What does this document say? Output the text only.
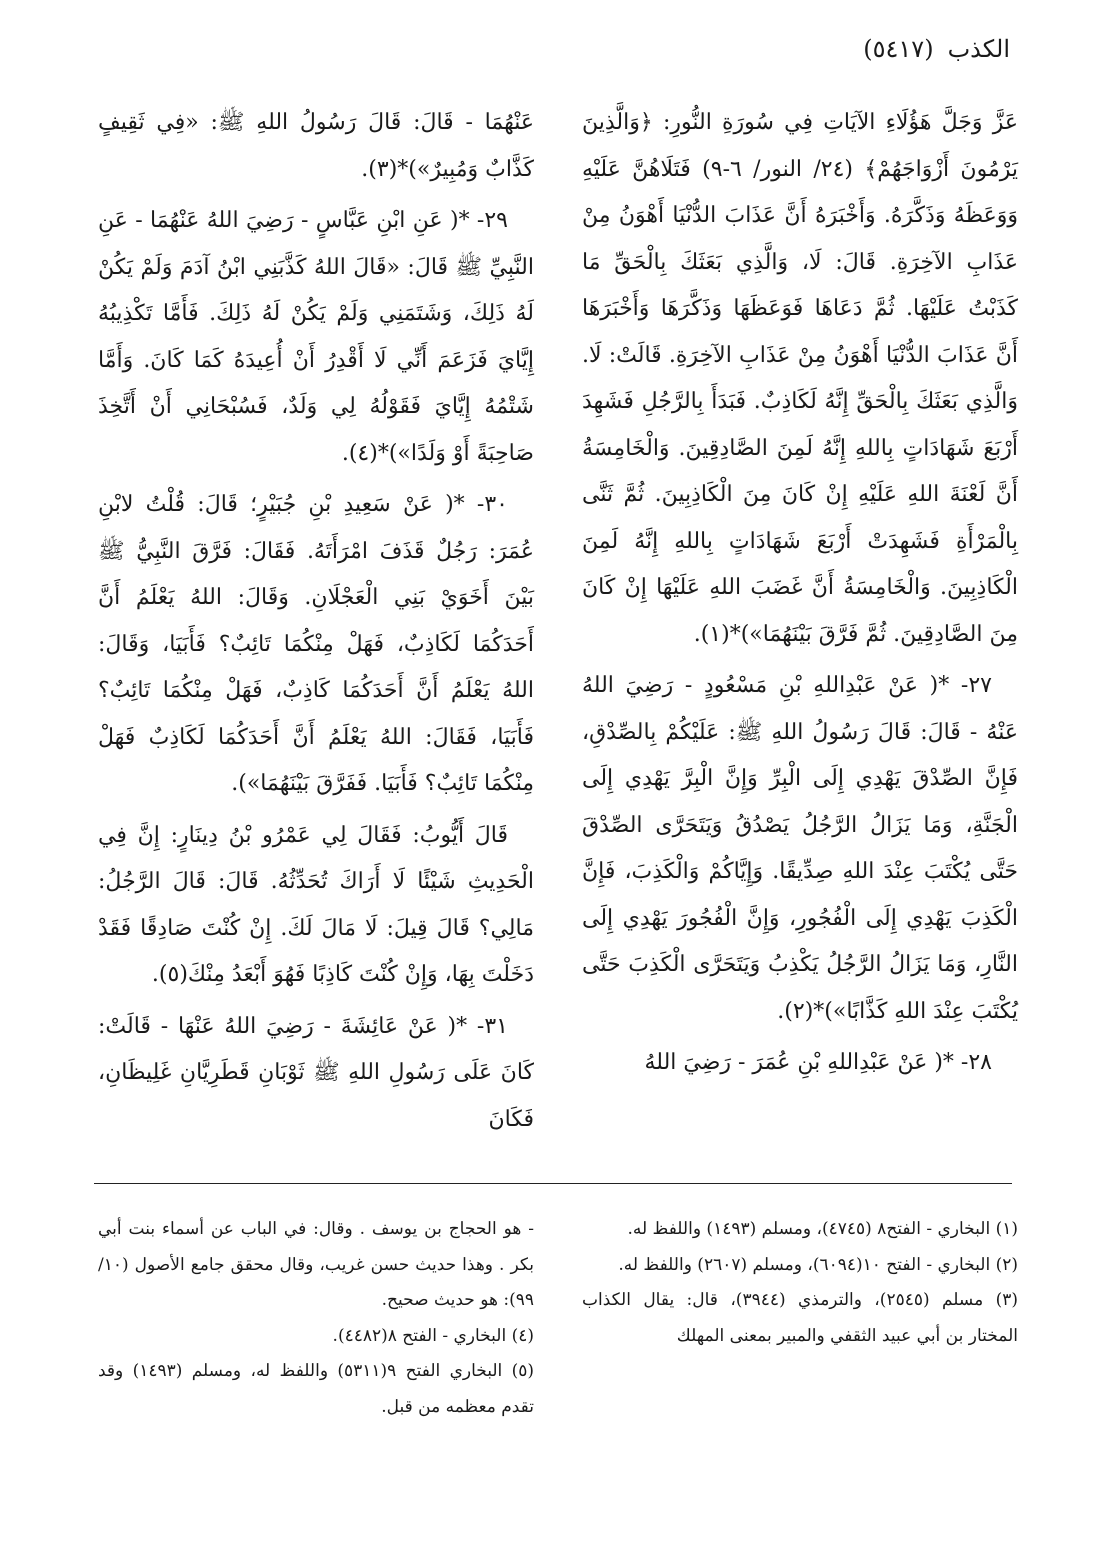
الكذب(٥٤١٧)

عَزَّ وَجَلَّ هَؤُلَاءِ الآيَاتِ فِي سُورَةِ النُّورِ: ﴿وَالَّذِينَ يَرْمُونَ أَزْوَاجَهُمْ﴾ (٢٤/ النور/ ٦-٩) فَتَلَاهُنَّ عَلَيْهِ وَوَعَظَهُ وَذَكَّرَهُ. وَأَخْبَرَهُ أَنَّ عَذَابَ الدُّنْيَا أَهْوَنُ مِنْ عَذَابِ الآخِرَةِ. قَالَ: لَا، وَالَّذِي بَعَثَكَ بِالْحَقِّ مَا كَذَبْتُ عَلَيْهَا. ثُمَّ دَعَاهَا فَوَعَظَهَا وَذَكَّرَهَا وَأَخْبَرَهَا أَنَّ عَذَابَ الدُّنْيَا أَهْوَنُ مِنْ عَذَابِ الآخِرَةِ. قَالَتْ: لَا. وَالَّذِي بَعَثَكَ بِالْحَقِّ إِنَّهُ لَكَاذِبٌ. فَبَدَأَ بِالرَّجُلِ فَشَهِدَ أَرْبَعَ شَهَادَاتٍ بِاللهِ إِنَّهُ لَمِنَ الصَّادِقِينَ. وَالْخَامِسَةُ أَنَّ لَعْنَةَ اللهِ عَلَيْهِ إِنْ كَانَ مِنَ الْكَاذِبِينَ. ثُمَّ ثَنَّى بِالْمَرْأَةِ فَشَهِدَتْ أَرْبَعَ شَهَادَاتٍ بِاللهِ إِنَّهُ لَمِنَ الْكَاذِبِينَ. وَالْخَامِسَةُ أَنَّ غَضَبَ اللهِ عَلَيْهَا إِنْ كَانَ مِنَ الصَّادِقِينَ. ثُمَّ فَرَّقَ بَيْنَهُمَا»)*(١).

٢٧- *( عَنْ عَبْدِاللهِ بْنِ مَسْعُودٍ - رَضِيَ اللهُ عَنْهُ - قَالَ: قَالَ رَسُولُ اللهِ ﷺ: عَلَيْكُمْ بِالصِّدْقِ، فَإِنَّ الصِّدْقَ يَهْدِي إِلَى الْبِرِّ وَإِنَّ الْبِرَّ يَهْدِي إِلَى الْجَنَّةِ، وَمَا يَزَالُ الرَّجُلُ يَصْدُقُ وَيَتَحَرَّى الصِّدْقَ حَتَّى يُكْتَبَ عِنْدَ اللهِ صِدِّيقًا. وَإِيَّاكُمْ وَالْكَذِبَ، فَإِنَّ الْكَذِبَ يَهْدِي إِلَى الْفُجُورِ، وَإِنَّ الْفُجُورَ يَهْدِي إِلَى النَّارِ، وَمَا يَزَالُ الرَّجُلُ يَكْذِبُ وَيَتَحَرَّى الْكَذِبَ حَتَّى يُكْتَبَ عِنْدَ اللهِ كَذَّابًا»)*(٢).

٢٨- *( عَنْ عَبْدِاللهِ بْنِ عُمَرَ - رَضِيَ اللهُ

عَنْهُمَا - قَالَ: قَالَ رَسُولُ اللهِ ﷺ: «فِي ثَقِيفٍ كَذَّابٌ وَمُبِيرٌ»)*(٣).

٢٩- *( عَنِ ابْنِ عَبَّاسٍ - رَضِيَ اللهُ عَنْهُمَا - عَنِ النَّبِيِّ ﷺ قَالَ: «قَالَ اللهُ كَذَّبَنِي ابْنُ آدَمَ وَلَمْ يَكُنْ لَهُ ذَلِكَ، وَشَتَمَنِي وَلَمْ يَكُنْ لَهُ ذَلِكَ. فَأَمَّا تَكْذِيبُهُ إِيَّايَ فَزَعَمَ أَنِّي لَا أَقْدِرُ أَنْ أُعِيدَهُ كَمَا كَانَ. وَأَمَّا شَتْمُهُ إِيَّايَ فَقَوْلُهُ لِي وَلَدٌ، فَسُبْحَانِي أَنْ أَتَّخِذَ صَاحِبَةً أَوْ وَلَدًا»)*(٤).

٣٠- *( عَنْ سَعِيدِ بْنِ جُبَيْرٍ؛ قَالَ: قُلْتُ لابْنِ عُمَرَ: رَجُلٌ قَذَفَ امْرَأَتَهُ. فَقَالَ: فَرَّقَ النَّبِيُّ ﷺ بَيْنَ أَخَوَيْ بَنِي الْعَجْلَانِ. وَقَالَ: اللهُ يَعْلَمُ أَنَّ أَحَدَكُمَا لَكَاذِبٌ، فَهَلْ مِنْكُمَا تَائِبٌ؟ فَأَبَيَا، وَقَالَ: اللهُ يَعْلَمُ أَنَّ أَحَدَكُمَا كَاذِبٌ، فَهَلْ مِنْكُمَا تَائِبٌ؟ فَأَبَيَا، فَقَالَ: اللهُ يَعْلَمُ أَنَّ أَحَدَكُمَا لَكَاذِبٌ فَهَلْ مِنْكُمَا تَائِبٌ؟ فَأَبَيَا. فَفَرَّقَ بَيْنَهُمَا»).

قَالَ أَيُّوبُ: فَقَالَ لِي عَمْرُو بْنُ دِينَارٍ: إِنَّ فِي الْحَدِيثِ شَيْئًا لَا أَرَاكَ تُحَدِّثُهُ. قَالَ: قَالَ الرَّجُلُ: مَالِي؟ قَالَ قِيلَ: لَا مَالَ لَكَ. إِنْ كُنْتَ صَادِقًا فَقَدْ دَخَلْتَ بِهَا، وَإِنْ كُنْتَ كَاذِبًا فَهُوَ أَبْعَدُ مِنْكَ(٥).

٣١- *( عَنْ عَائِشَةَ - رَضِيَ اللهُ عَنْهَا - قَالَتْ: كَانَ عَلَى رَسُولِ اللهِ ﷺ ثَوْبَانِ قَطَرِيَّانِ غَلِيظَانِ، فَكَانَ

(١) البخاري - الفتح٨ (٤٧٤٥)، ومسلم (١٤٩٣) واللفظ له.

(٢) البخاري - الفتح ١٠(٦٠٩٤)، ومسلم (٢٦٠٧) واللفظ له.

(٣) مسلم (٢٥٤٥)، والترمذي (٣٩٤٤)، قال: يقال الكذاب المختار بن أبي عبيد الثقفي والمبير بمعنى المهلك

- هو الحجاج بن يوسف . وقال: في الباب عن أسماء بنت أبي بكر . وهذا حديث حسن غريب، وقال محقق جامع الأصول (١٠/ ٩٩): هو حديث صحيح.

(٤) البخاري - الفتح ٨(٤٤٨٢).

(٥) البخاري الفتح ٩(٥٣١١) واللفظ له، ومسلم (١٤٩٣) وقد تقدم معظمه من قبل.
